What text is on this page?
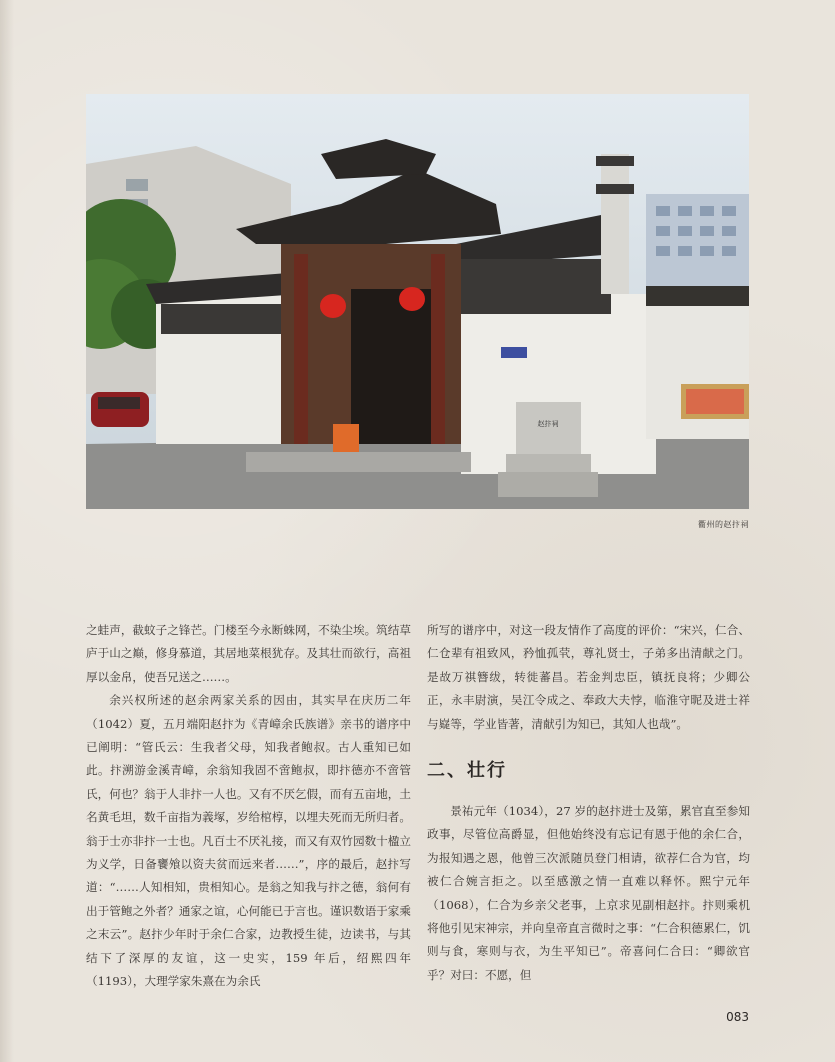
赵抃祠
衢州的赵抃祠

之蛙声，截蚊子之锋芒。门楼至今永断蛛网，不染尘埃。筑结草庐于山之巅，修身慕道，其居地菜根犹存。及其壮而欲行，高祖厚以金帛，使吾兄送之……。

余兴权所述的赵余两家关系的因由，其实早在庆历二年（1042）夏，五月端阳赵抃为《青嶂余氏族谱》亲书的谱序中已阐明：“管氏云：生我者父母，知我者鲍叔。古人重知已如此。抃溯游金溪青嶂，余翁知我固不啻鲍叔，即抃德亦不啻管氏，何也？翁于人非抃一人也。又有不厌乞假，而有五亩地，土名黄毛坦，数千亩指为義塚，岁给棺椁，以埋夫死而无所归者。翁于士亦非抃一士也。凡百士不厌礼接，而又有双竹园数十楹立为义学，日备饔飧以资夫贫而远来者……”，序的最后，赵抃写道：“……人知相知，贵相知心。是翁之知我与抃之德，翁何有出于管鲍之外者？通家之谊，心何能已于言也。谨识数语于家乘之末云”。赵抃少年时于余仁合家，边教授生徒，边读书，与其结下了深厚的友谊，这一史实，159 年后，绍熙四年（1193），大理学家朱熹在为余氏

所写的谱序中，对这一段友情作了高度的评价：“宋兴，仁合、仁仓辈有祖致风，矜恤孤茕，尊礼贤士，子弟多出清献之门。是故万祺簪绂，转徙蕃昌。若金判忠臣，镇抚良将；少卿公正，永丰尉演，吴江令成之、奉政大夫悖，临淮守昵及进士祥与嶷等，学业皆著，清献引为知已，其知人也哉”。

二、壮行

景祐元年（1034），27 岁的赵抃进士及第，累官直至参知政事，尽管位高爵显，但他始终没有忘记有恩于他的余仁合，为报知遇之恩，他曾三次派随员登门相请，欲荐仁合为官，均被仁合婉言拒之。以至感激之情一直难以释怀。熙宁元年（1068），仁合为乡亲父老事，上京求见副相赵抃。抃则乘机将他引见宋神宗，并向皇帝直言微时之事：“仁合积德累仁，饥则与食，寒则与衣，为生平知已”。帝喜问仁合曰：“卿欲官乎？对曰：不愿，但

083
